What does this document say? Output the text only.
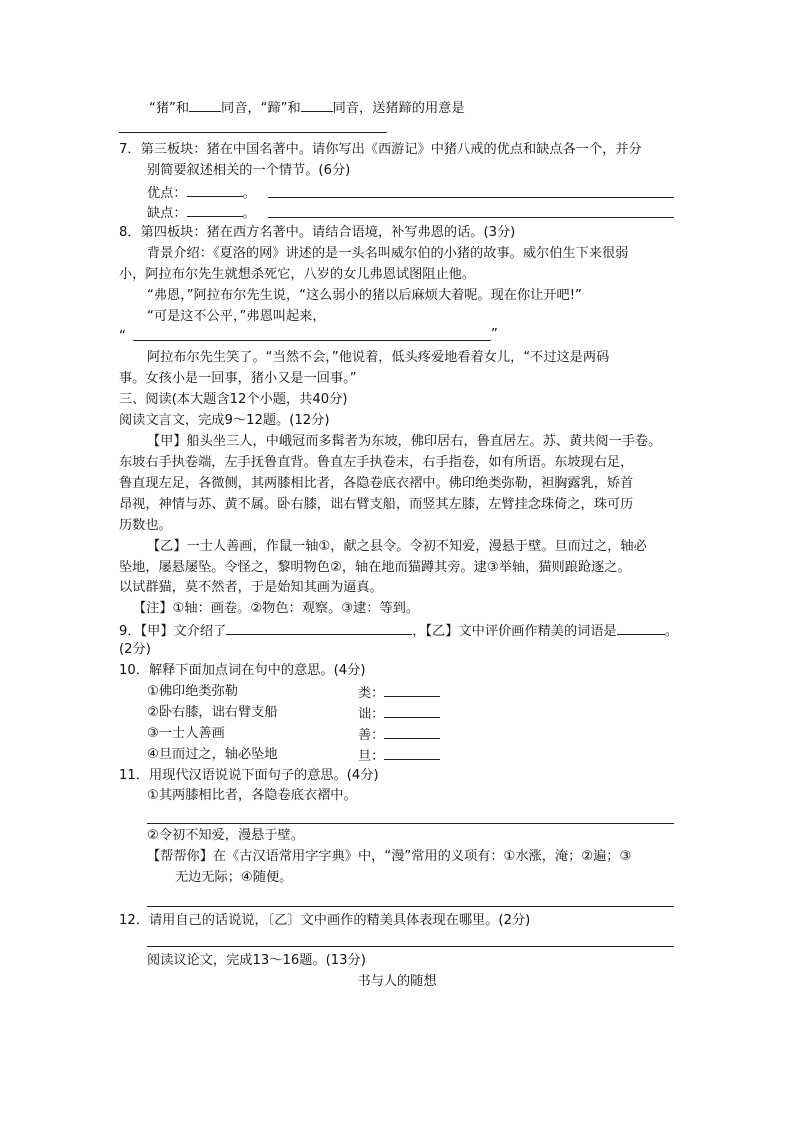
“猪”和 同音，“蹄”和 同音，送猪蹄的用意是
7．第三板块：猪在中国名著中。请你写出《西游记》中猪八戒的优点和缺点各一个，并分
别简要叙述相关的一个情节。(6分)
优点：	。
缺点：	。
8．第四板块：猪在西方名著中。请结合语境，补写弗恩的话。(3分)
背景介绍：《夏洛的网》讲述的是一头名叫威尔伯的小猪的故事。威尔伯生下来很弱
小，阿拉布尔先生就想杀死它，八岁的女儿弗恩试图阻止他。
“弗恩，”阿拉布尔先生说，“这么弱小的猪以后麻烦大着呢。现在你让开吧!”
“可是这不公平，”弗恩叫起来，
“	”
阿拉布尔先生笑了。“当然不会，”他说着，低头疼爱地看着女儿，“不过这是两码
事。女孩小是一回事，猪小又是一回事。”
三、阅读(本大题含12个小题，共40分)
阅读文言文，完成9～12题。(12分)
【甲】船头坐三人，中峨冠而多髯者为东坡，佛印居右，鲁直居左。苏、黄共阅一手卷。
东坡右手执卷端，左手抚鲁直背。鲁直左手执卷末，右手指卷，如有所语。东坡现右足，
鲁直现左足，各微侧，其两膝相比者，各隐卷底衣褶中。佛印绝类弥勒，袒胸露乳，矫首
昂视，神情与苏、黄不属。卧右膝，诎右臂支船，而竖其左膝，左臂挂念珠倚之，珠可历
历数也。
【乙】一士人善画，作鼠一轴①，献之县令。令初不知爱，漫悬于壁。旦而过之，轴必
坠地，屡悬屡坠。令怪之，黎明物色②，轴在地而猫蹲其旁。逮③举轴，猫则踉跄逐之。
以试群猫，莫不然者，于是始知其画为逼真。
【注】①轴：画卷。②物色：观察。③逮：等到。
9．【甲】文介绍了	，【乙】文中评价画作精美的词语是	。
(2分)
10．解释下面加点词在句中的意思。(4分)
①佛印绝类弥勒	类：
②卧右膝，诎右臂支船	诎：
③一士人善画	善：
④旦而过之，轴必坠地	旦：
11．用现代汉语说说下面句子的意思。(4分)
①其两膝相比者，各隐卷底衣褶中。
②令初不知爱，漫悬于壁。
【帮帮你】在《古汉语常用字字典》中，“漫”常用的义项有：①水涨，淹；②遍；③
无边无际；④随便。
12．请用自己的话说说，〔乙〕文中画作的精美具体表现在哪里。(2分)
阅读议论文，完成13～16题。(13分)
书与人的随想
